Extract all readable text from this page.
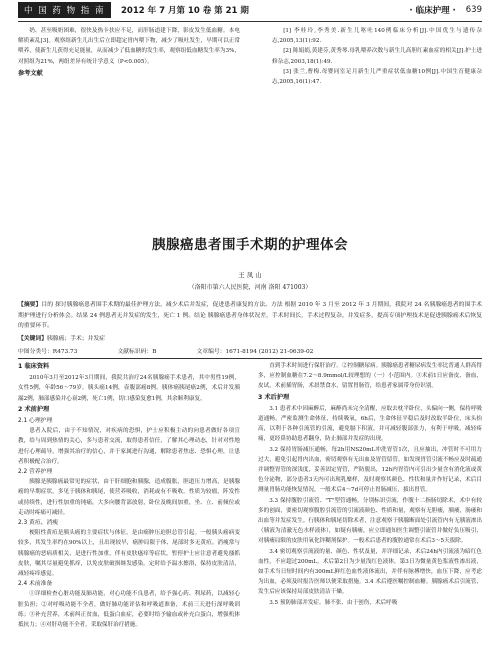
中 国 药 物 指 南	2012 年 7 月第 10 卷 第 21 期	· 临床护理 · 639

奶、甚至吸奶困难，很快及热卡扶应不足，而肝肠道建下降，影皮发生低血糖。本电解质紊乱[3]。观察组新生儿出生后立即超定胃内喂下物，减少了吸吐发生，早期可以正常喂养，使新生儿获得充足能量，从而减少了低血糖的发生率，观察组低血糖发生率为3%，对照组为21%，两组差异有统计学意义（P<0.005）。

参考文献

[1] 李桂玲,李秀美.新生儿呕吐140例临床分析[J].中国优生与遗传杂志,2005,13(1):92.

[2] 陈娟娟,黄建芬,黄秀琴.母乳喂养次数与新生儿高胆红素血症的相关[J].护士进修杂志,2003,18(1):49.

[3] 张兰,曹梅.母婴同室足月新生儿严重症状低血糖10例[J].中国生育健康杂志,2005,16(1):47.

胰腺癌患者围手术期的护理体会
王 凤 山
（洛阳市第六人民医院，河南 洛阳 471003）
【摘要】目的 探讨胰腺癌患者围手术期的最佳护理方法，减少术后并发症，促进患者康复的方法。方法 根据 2010 年 3 月至 2012 年 3 月期间，我院对 24 名胰腺癌患者的围手术期护理进行分析体会。结果 24 例患者无并发症的发生，死亡 1 例。结论 胰腺癌患者身体状况差，手术时间长，手术过程复杂，并发症多，提高专项护理技术是促进胰腺癌术后恢复的重要环节。
【关键词】胰腺癌；手术；并发症
中图分类号：R473.73	文献标识码：B	文章编号：1671-8194 (2012) 21-0639-02
1 临床资料

2010年3月至2012年3月期间，我院共治疗24名胰腺癌手术患者，其中男性19例，女性5例，年龄56～79岁。胰头癌14例，壶腹部癌8例，胰体癌胰尾癌2例，术后并发胰漏2例，肺部感染并心衰2例，死亡1例，切口感染复愈1例，其余顺利康复。

2 术前护理
2.1 心理护理

患者入院后，由于不知情况，对疾病的恐惧，护士应积极主动的向患者做好各项宣教，给与周到热情的关心，多与患者交流，取得患者信任，了解其心理动态，针对对性地进行心理疏导，增强其治疗的信心，并于家属进行沟通，解除患者焦虑、恐惧心理，让患者积极配合治疗。

2.2 营养护理

胰腺是胰腺癌最常见的症状，由于肝细胞和胰腺，造成腹胀，胆道压力增高，是胰腺癌的早期症状，多见于胰体和胰尾，使营养吸收，消耗或有不吸收。性质为较瘤，阵发性或持续性，进行性加重的钝痛，大多向腰背部放射，卧位及晚间加重，坐、立、前倾位或走动时疼痛可减轻。

2.3 黄疸、消瘦

梗阻性黄疸是胰头癌的主要症状与体征，是由癌肿压迫胆总管引起。一般胰头癌病变较多，其发生率约在90%以上，且出现较早，癌肿局限于体、尾部时多无黄疸。消瘦常与胰腺癌的恶病质相关，是进行性加重，伴有皮肤瘙痒等症状。暂停护士应注意者避免搔抓皮肤，嘱其尽量避免抓痒，以免皮肤破损继发感染。定时给予温水擦浴，保持皮肤清洁，减轻疼痒感觉。

2.4 术前准备

①详细检查心脏功能及肺功能，对心功能不良患者，给予强心药、利尿药，以减轻心脏负担；②对呼吸功能不全者，做好肺功能评估和呼吸道准备，术前三天进行深呼吸训练；③补充营养，术前纠正贫血，低蛋白血症，必要时给予输血或补充白蛋白，增强机体抵抗力；④对肝功能不全者，采取保肝治疗措施。

直到手术时间进行保肝治疗。②控制糖尿病。胰腺癌患者糖尿病发生率比普通人群高得多，应控制血糖在7.2～8.9mmol/L较理想的（一）小范围内。③术前1日应备皮、备血，皮试，术前插胃肠，术晨禁食水，留置胃肠管，给患者家属带身份识别。

3 术后护理

3.1 患者术中因麻醉后，麻醉尚未完全清醒，应取去枕平卧位，头偏向一侧，保持呼吸道通畅，严密监测生命体征，持续吸氧，6h后，生命体征平稳后及时改取半卧位，床头抬高，以利于各种引流管的引流，避免膈下积液，并可减轻腹部张力，有利于呼吸，减轻疼痛，更经鼻协助患者翻身，防止肺部并发症的出现。

3.2 保持胃肠减压通畅，每2h用NS20mL冲洗胃管1次，且应抽出，冲管时不可用力过大，避免引起胃内出血，密切观察有无出血及胃管留管，如发现胃管引流不畅应及时疏通并调整胃管的深浅度，妥善固定胃管，严防脱出，12h内胃管内可引出少量含有消化液或黄色分泌物，部分患者3天内可出现乳糜样，及时观察其颜色、性状和量并作好记录，术后目测量胃肠功能恢复情况，一般术后4～7d可停止胃肠减压，拔出胃管。

3.3 保持腹腔引流管、"T"型管通畅。分别标识引流，作腹十二指肠切除术，术中有较多的创面，要密切观察腹腔引流管的引流液颜色、性质和量，观察有无胆瘘，胰瘘，肠瘘和出血等并发症发生。行胰体和胰尾切除术者，注意观察于胰腺断面处引流管内有无胰液渗出（胰液为清澈无色水样液体），如疑有胰瘘，应立即通知医生调整引流管并做好负压吸引，对胰瘘局限的皮肤用氧化锌糊剂保护。一般术后患者的腹腔通常在术后3～5天拔除。

3.4 密切观察引流液的量、颜色、性状及量，并详细记录，术后24h内引流液为暗红色血性，不应超过200mL，术后第2日为少量浅红色液体，第3日为微量黄色浆液性渗出液，如手术当日短时间内有300mL鲜红色血性液体流出，并伴有脉搏增快，血压下降，应考虑为出血，必须及时报告医师以便采取措施。3.4 术后遵医嘱控制血糖。胰腺癌术后引流管，发生后应该保持局部皮肤清洁干燥。

3.5 预防肺部并发症。肺不张、由于创伤，术后呼吸
